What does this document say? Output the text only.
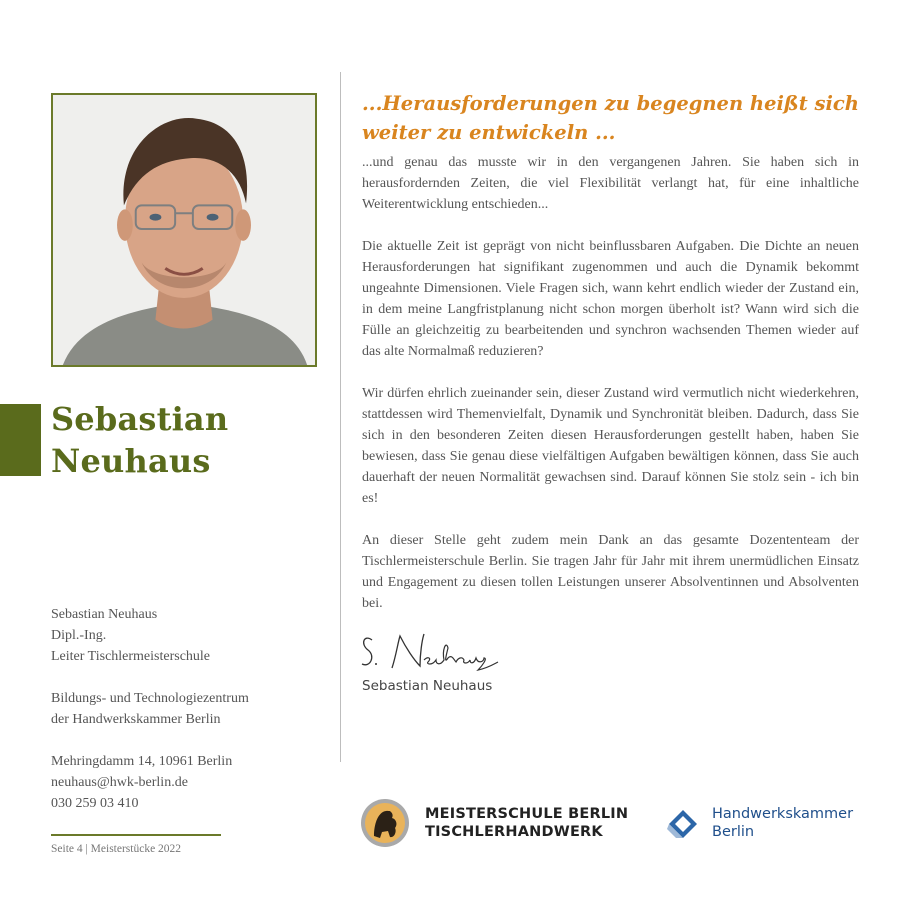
Sebastian
Neuhaus
Sebastian Neuhaus
Dipl.-Ing.
Leiter Tischlermeisterschule
Bildungs- und Technologiezentrum
der Handwerkskammer Berlin
Mehringdamm 14, 10961 Berlin
neuhaus@hwk-berlin.de
030 259 03 410
Seite 4 | Meisterstücke 2022
...Herausforderungen zu begegnen heißt sich
weiter zu entwickeln ...

...und genau das musste wir in den vergangenen Jahren. Sie haben sich in herausfordernden Zeiten, die viel Flexibilität verlangt hat, für eine inhaltliche Weiterentwicklung entschieden...

Die aktuelle Zeit ist geprägt von nicht beinflussbaren Aufgaben. Die Dichte an neuen Herausforderungen hat signifikant zugenommen und auch die Dynamik bekommt ungeahnte Dimensionen. Viele Fragen sich, wann kehrt endlich wieder der Zustand ein, in dem meine Langfristplanung nicht schon morgen überholt ist? Wann wird sich die Fülle an gleichzeitig zu bearbeitenden und synchron wachsenden Themen wieder auf das alte Normalmaß reduzieren?

Wir dürfen ehrlich zueinander sein, dieser Zustand wird vermutlich nicht wiederkehren, stattdessen wird Themenvielfalt, Dynamik und Synchronität bleiben. Dadurch, dass Sie sich in den besonderen Zeiten diesen Herausforderungen gestellt haben, haben Sie bewiesen, dass Sie genau diese vielfältigen Aufgaben bewältigen können, dass Sie auch dauerhaft der neuen Normalität gewachsen sind. Darauf können Sie stolz sein - ich bin es!

An dieser Stelle geht zudem mein Dank an das gesamte Dozententeam der Tischlermeisterschule Berlin. Sie tragen Jahr für Jahr mit ihrem unermüdlichen Einsatz und Engagement zu diesen tollen Leistungen unserer Absolventinnen und Absolventen bei.

Sebastian Neuhaus
MEISTERSCHULE BERLIN
TISCHLERHANDWERK
Handwerkskammer
Berlin
